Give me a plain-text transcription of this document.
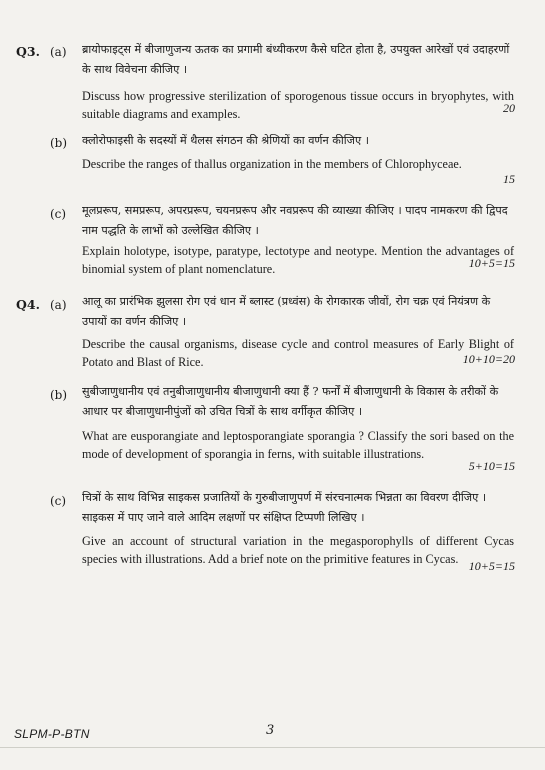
Q3. (a) ब्रायोफाइट्स में बीजाणुजन्य ऊतक का प्रगामी बंध्यीकरण कैसे घटित होता है, उपयुक्त आरेखों एवं उदाहरणों के साथ विवेचना कीजिए ।
Discuss how progressive sterilization of sporogenous tissue occurs in bryophytes, with suitable diagrams and examples.	20
(b) क्लोरोफाइसी के सदस्यों में थैलस संगठन की श्रेणियों का वर्णन कीजिए ।
Describe the ranges of thallus organization in the members of Chlorophyceae.
15
(c) मूलप्ररूप, समप्ररूप, अपरप्ररूप, चयनप्ररूप और नवप्ररूप की व्याख्या कीजिए । पादप नामकरण की द्विपद नाम पद्धति के लाभों को उल्लेखित कीजिए ।
Explain holotype, isotype, paratype, lectotype and neotype. Mention the advantages of binomial system of plant nomenclature.	10+5=15
Q4. (a) आलू का प्रारंभिक झुलसा रोग एवं धान में ब्लास्ट (प्रध्वंस) के रोगकारक जीवों, रोग चक्र एवं नियंत्रण के उपायों का वर्णन कीजिए ।
Describe the causal organisms, disease cycle and control measures of Early Blight of Potato and Blast of Rice.	10+10=20
(b) सुबीजाणुधानीय एवं तनुबीजाणुधानीय बीजाणुधानी क्या हैं ? फर्नों में बीजाणुधानी के विकास के तरीकों के आधार पर बीजाणुधानीपुंजों को उचित चित्रों के साथ वर्गीकृत कीजिए ।
What are eusporangiate and leptosporangiate sporangia ? Classify the sori based on the mode of development of sporangia in ferns, with suitable illustrations.
5+10=15
(c) चित्रों के साथ विभिन्न साइकस प्रजातियों के गुरुबीजाणुपर्ण में संरचनात्मक भिन्नता का विवरण दीजिए । साइकस में पाए जाने वाले आदिम लक्षणों पर संक्षिप्त टिप्पणी लिखिए ।
Give an account of structural variation in the megasporophylls of different Cycas species with illustrations. Add a brief note on the primitive features in Cycas.
10+5=15
SLPM-P-BTN	3
